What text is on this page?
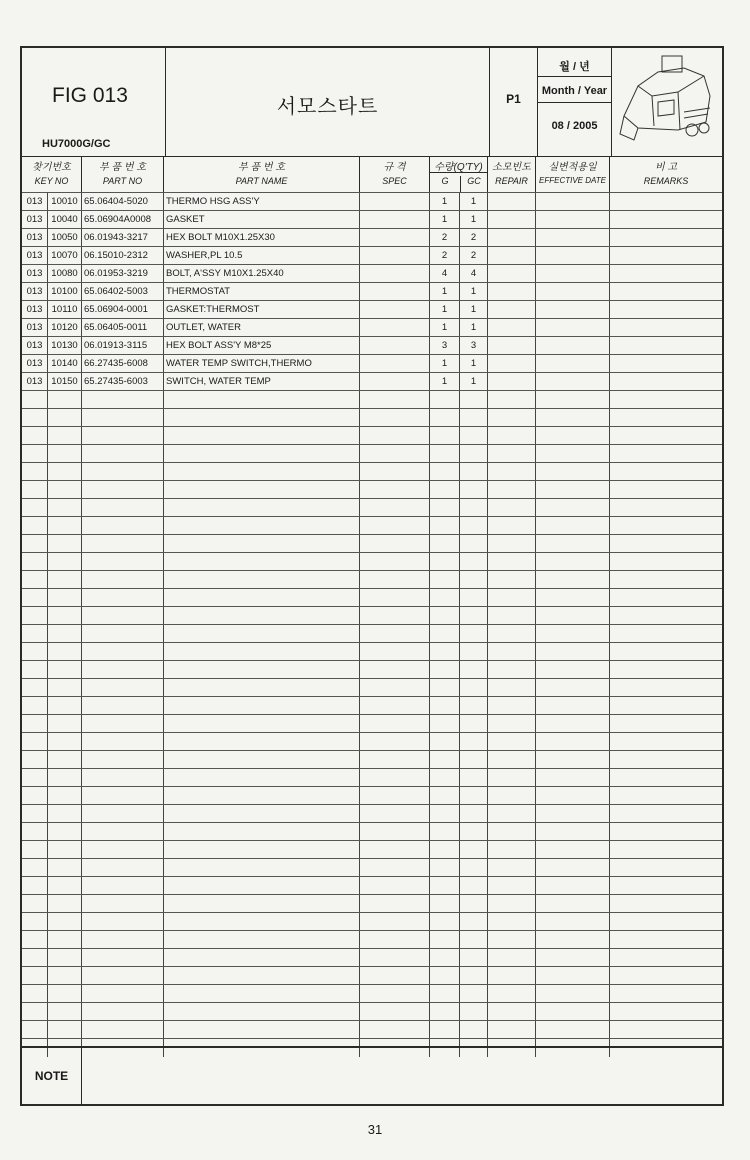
FIG 013
HU7000G/GC
서모스타트	P1
월 / 년
Month / Year
08 / 2005
찾기번호
KEY NO
부 품 번 호
PART NO
부 품 번 호
PART NAME
규 격
SPEC
수량(Q'TY)
G	GC
소모빈도
REPAIR
실변적용일
EFFECTIVE DATE
비 고
REMARKS
013 10010 65.06404-5020	THERMO HSG ASS'Y	1	1
013 10040 65.06904A0008	GASKET	1	1
013 10050 06.01943-3217	HEX BOLT M10X1.25X30	2	2
013 10070 06.15010-2312	WASHER,PL 10.5	2	2
013 10080 06.01953-3219	BOLT, A'SSY M10X1.25X40	4	4
013 10100 65.06402-5003	THERMOSTAT	1	1
013 10110 65.06904-0001	GASKET:THERMOST	1	1
013 10120 65.06405-0011	OUTLET, WATER	1	1
013 10130 06.01913-3115	HEX BOLT ASS'Y M8*25	3	3
013 10140 66.27435-6008	WATER TEMP SWITCH,THERMO	1	1
013 10150 65.27435-6003	SWITCH, WATER TEMP	1	1
NOTE
31
